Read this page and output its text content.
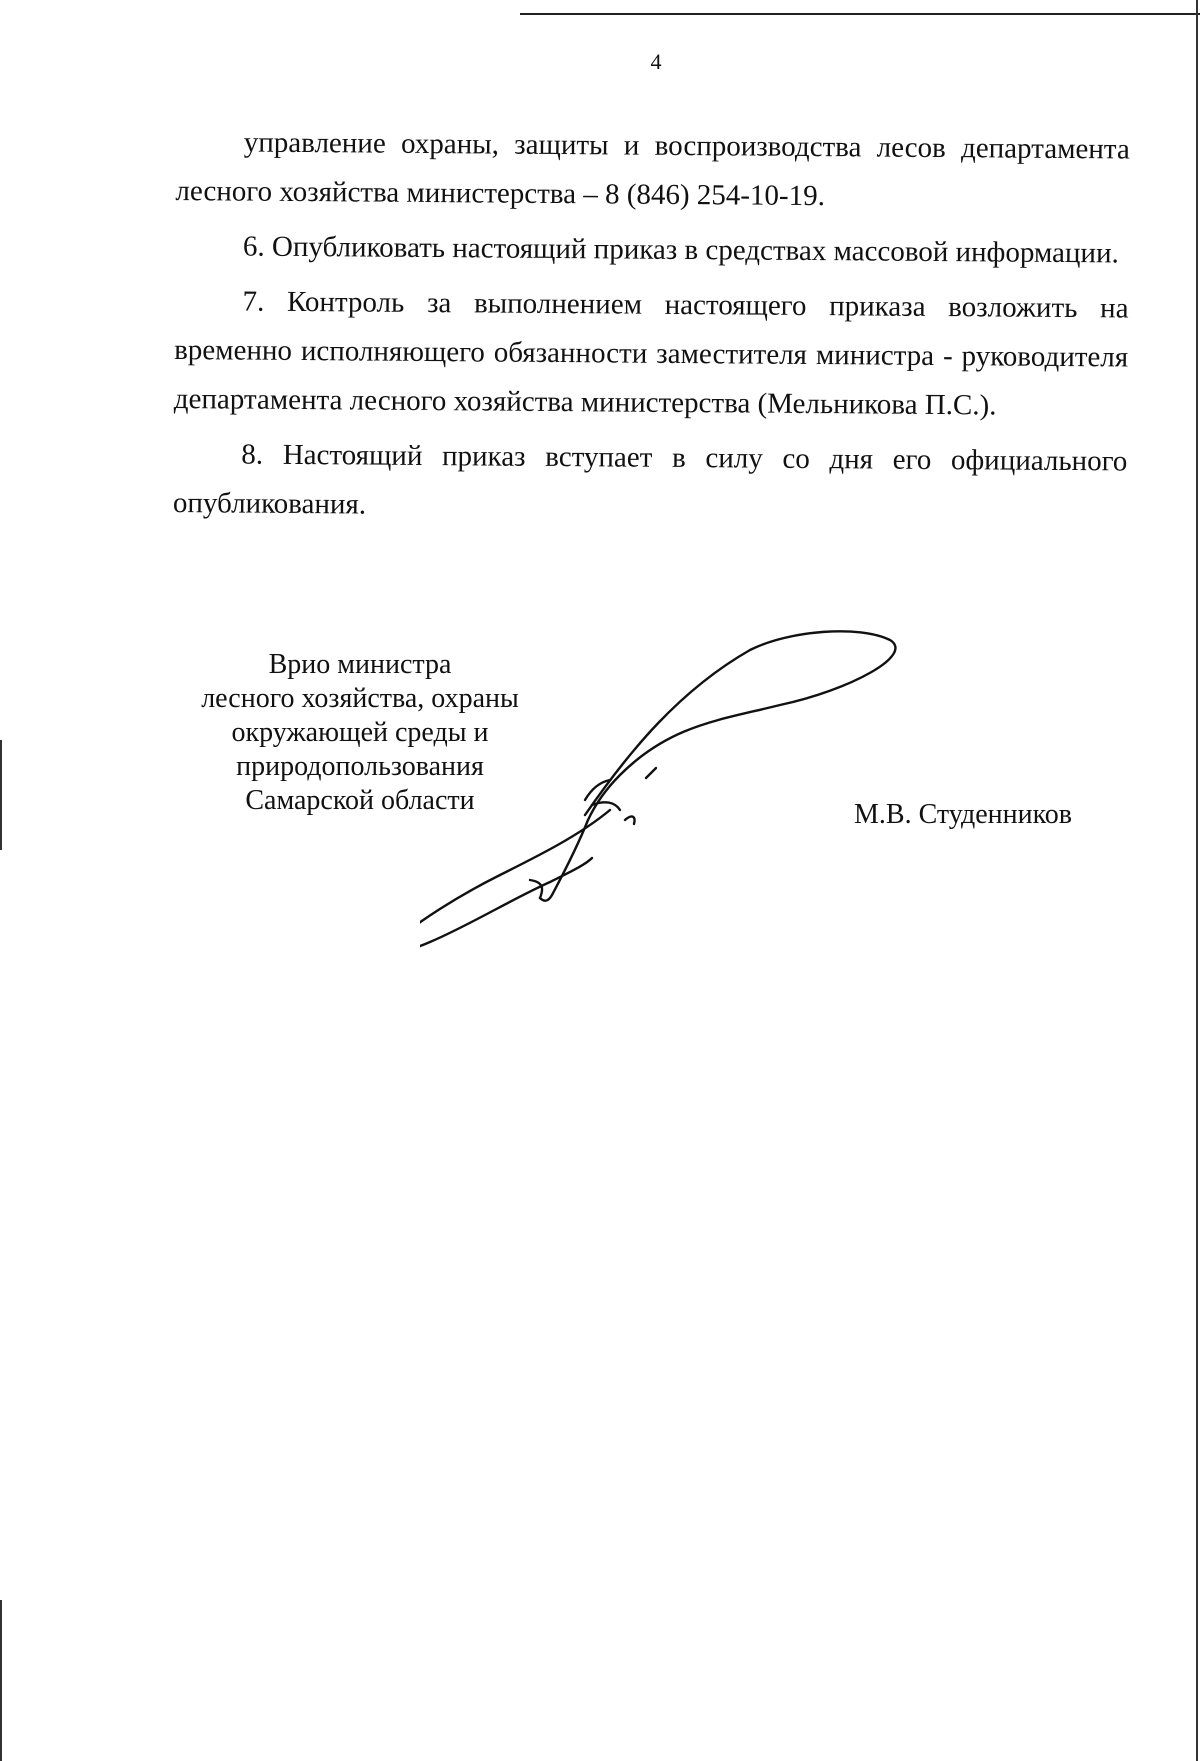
4

управление охраны, защиты и воспроизводства лесов департамента лесного хозяйства министерства – 8 (846) 254-10-19.

6. Опубликовать настоящий приказ в средствах массовой информации.

7. Контроль за выполнением настоящего приказа возложить на временно исполняющего обязанности заместителя министра - руководителя департамента лесного хозяйства министерства (Мельникова П.С.).

8. Настоящий приказ вступает в силу со дня его официального опубликования.

Врио министра
лесного хозяйства, охраны
окружающей среды и
природопользования
Самарской области	М.В. Студенников
